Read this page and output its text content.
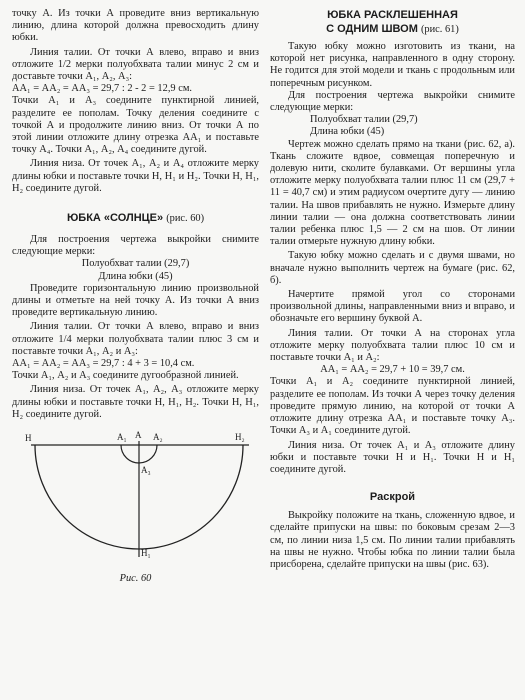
точку А. Из точки А проведите вниз вертикальную линию, длина которой должна превосходить длину юбки.

Линия талии. От точки А влево, вправо и вниз отложите 1/2 мерки полуобхвата талии минус 2 см и доставьте точки А₁, А₂, А₃:

АА₁ = АА₂ = АА₃ = 29,7 : 2 - 2 = 12,9 см.

Точки А₁ и А₃ соедините пунктирной линией, разделите ее пополам. Точку деления соедините с точкой А и продолжите линию вниз. От точки А по этой линии отложите длину отрезка АА₁ и поставьте точку А₄. Точки А₁, А₂, А₄ соедините дугой.

Линия низа. От точек А₁, А₂ и А₄ отложите мерку длины юбки и поставьте точки Н, Н₁ и Н₂. Точки Н, Н₁, Н₂ соедините дугой.

ЮБКА «СОЛНЦЕ» (рис. 60)

Для построения чертежа выкройки снимите следующие мерки:

Полуобхват талии (29,7)

Длина юбки (45)

Проведите горизонтальную линию произвольной длины и отметьте на ней точку А. Из точки А вниз проведите вертикальную линию.

Линия талии. От точки А влево, вправо и вниз отложите 1/4 мерки полуобхвата талии плюс 3 см и поставьте точки А₁, А₂ и А₃:

АА₁ = АА₂ = АА₃ = 29,7 : 4 + 3 = 10,4 см.

Точки А₁, А₂ и А₃ соедините дугообразной линией.

Линия низа. От точек А₁, А₂, А₃ отложите мерку длины юбки и поставьте точки Н, Н₁, Н₂. Точки Н, Н₁, Н₂ соедините дугой.

Н	А₁ А А₂
А₃
Н₁
Н₂
Рис. 60
ЮБКА РАСКЛЕШЕННАЯ
С ОДНИМ ШВОМ (рис. 61)

Такую юбку можно изготовить из ткани, на которой нет рисунка, направленного в одну сторону. Не годится для этой модели и ткань с продольным или поперечным рисунком.

Для построения чертежа выкройки снимите следующие мерки:

Полуобхват талии (29,7)

Длина юбки (45)

Чертеж можно сделать прямо на ткани (рис. 62, а). Ткань сложите вдвое, совмещая поперечную и долевую нити, сколите булавками. От вершины угла отложите мерку полуобхвата талии плюс 11 см (29,7 + 11 = 40,7 см) и этим радиусом очертите дугу — линию талии. На швов прибавлять не нужно. Измерьте длину линии талии — она должна соответствовать линии талии ребенка плюс 1,5 — 2 см на шов. От линии талии отмерьте нужную длину юбки.

Такую юбку можно сделать и с двумя швами, но вначале нужно выполнить чертеж на бумаге (рис. 62, б).

Начертите прямой угол со сторонами произвольной длины, направленными вниз и вправо, и обозначьте его вершину буквой А.

Линия талии. От точки А на сторонах угла отложите мерку полуобхвата талии плюс 10 см и поставьте точки А₁ и А₂:

АА₁ = АА₂ = 29,7 + 10 = 39,7 см.

Точки А₁ и А₂ соедините пунктирной линией, разделите ее пополам. Из точки А через точку деления проведите прямую линию, на которой от точки А отложите длину отрезка АА₁ и поставьте точку А₃. Точки А₃ и А₁ соедините дугой.

Линия низа. От точек А₁ и А₃ отложите длину юбки и поставьте точки Н и Н₁. Точки Н и Н₁ соедините дугой.

Раскрой

Выкройку положите на ткань, сложенную вдвое, и сделайте припуски на швы: по боковым срезам 2—3 см, по линии низа 1,5 см. По линии талии прибавлять на швы не нужно. Чтобы юбка по линии талии была присборена, сделайте припуски на швы (рис. 63).
